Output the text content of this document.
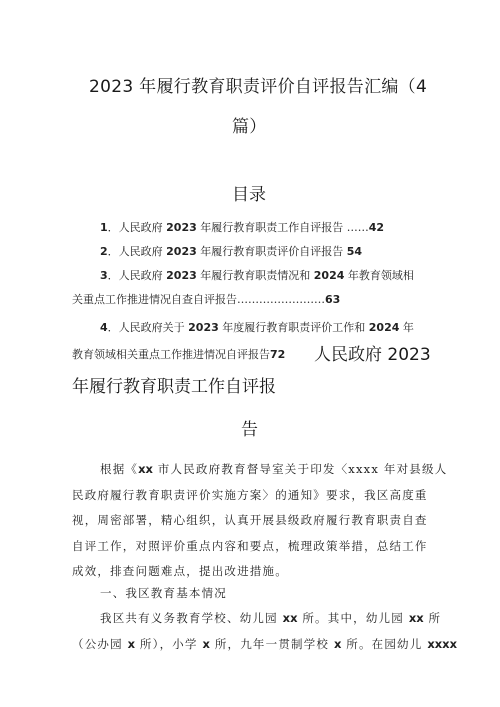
2023 年履行教育职责评价自评报告汇编（4
篇）
目录
1．人民政府 2023 年履行教育职责工作自评报告 ……42
2．人民政府 2023 年履行教育职责评价自评报告 54
3．人民政府 2023 年履行教育职责情况和 2024 年教育领域相
关重点工作推进情况自查自评报告……………………63
4．人民政府关于 2023 年度履行教育职责评价工作和 2024 年
教育领域相关重点工作推进情况自评报告72 人民政府 2023
年履行教育职责工作自评报
告
根据《xx 市人民政府教育督导室关于印发〈xxxx 年对县级人
民政府履行教育职责评价实施方案〉的通知》要求，我区高度重
视，周密部署，精心组织，认真开展县级政府履行教育职责自查
自评工作，对照评价重点内容和要点，梳理政策举措，总结工作
成效，排查问题难点，提出改进措施。
一、我区教育基本情况
我区共有义务教育学校、幼儿园 xx 所。其中，幼儿园 xx 所
（公办园 x 所），小学 x 所，九年一贯制学校 x 所。在园幼儿 xxxx
